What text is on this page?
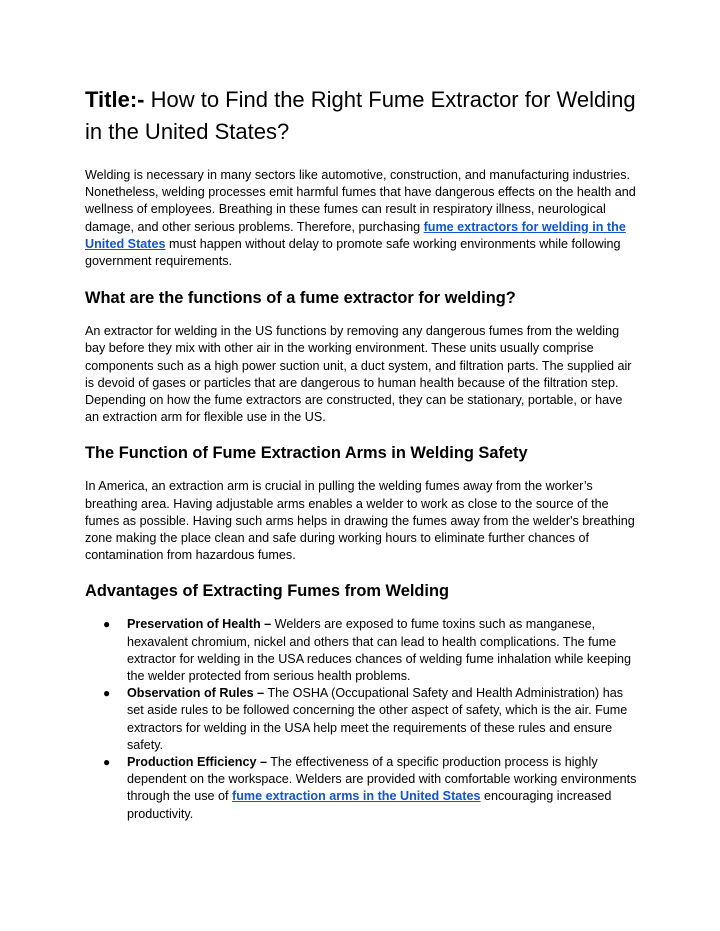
Title:- How to Find the Right Fume Extractor for Welding in the United States?

Welding is necessary in many sectors like automotive, construction, and manufacturing industries. Nonetheless, welding processes emit harmful fumes that have dangerous effects on the health and wellness of employees. Breathing in these fumes can result in respiratory illness, neurological damage, and other serious problems. Therefore, purchasing fume extractors for welding in the United States must happen without delay to promote safe working environments while following government requirements.

What are the functions of a fume extractor for welding?

An extractor for welding in the US functions by removing any dangerous fumes from the welding bay before they mix with other air in the working environment. These units usually comprise components such as a high power suction unit, a duct system, and filtration parts. The supplied air is devoid of gases or particles that are dangerous to human health because of the filtration step. Depending on how the fume extractors are constructed, they can be stationary, portable, or have an extraction arm for flexible use in the US.

The Function of Fume Extraction Arms in Welding Safety

In America, an extraction arm is crucial in pulling the welding fumes away from the worker’s breathing area. Having adjustable arms enables a welder to work as close to the source of the fumes as possible. Having such arms helps in drawing the fumes away from the welder's breathing zone making the place clean and safe during working hours to eliminate further chances of contamination from hazardous fumes.

Advantages of Extracting Fumes from Welding
● Preservation of Health – Welders are exposed to fume toxins such as manganese, hexavalent chromium, nickel and others that can lead to health complications. The fume extractor for welding in the USA reduces chances of welding fume inhalation while keeping the welder protected from serious health problems.
● Observation of Rules – The OSHA (Occupational Safety and Health Administration) has set aside rules to be followed concerning the other aspect of safety, which is the air. Fume extractors for welding in the USA help meet the requirements of these rules and ensure safety.
● Production Efficiency – The effectiveness of a specific production process is highly dependent on the workspace. Welders are provided with comfortable working environments through the use of fume extraction arms in the United States encouraging increased productivity.
